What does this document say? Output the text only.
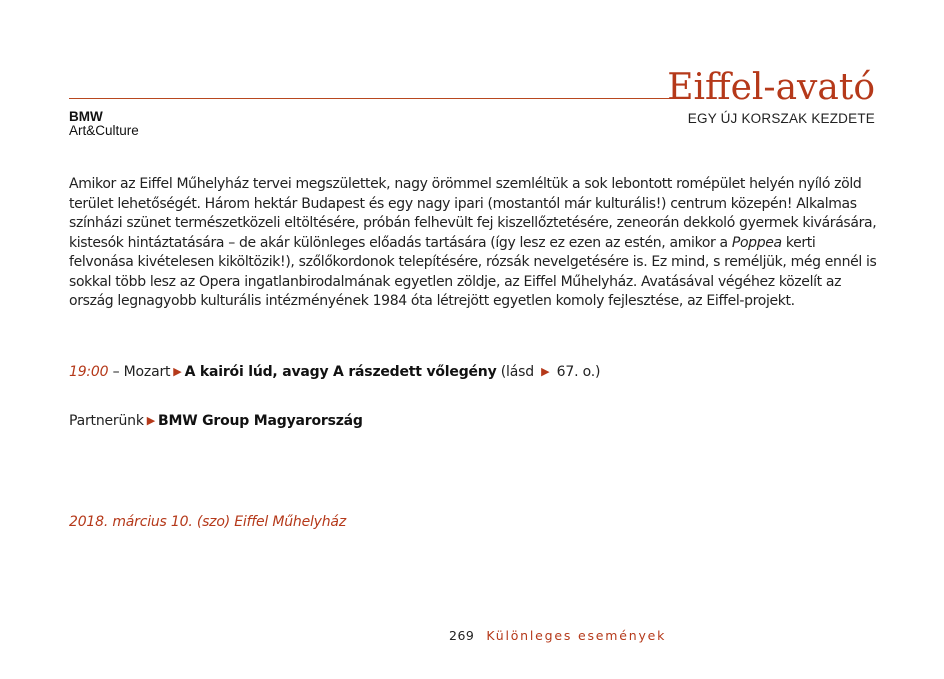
Eiffel-avató
EGY ÚJ KORSZAK KEZDETE
BMW
Art&Culture

Amikor az Eiffel Műhelyház tervei megszülettek, nagy örömmel szemléltük a sok lebontott romépület helyén nyíló zöld terület lehetőségét. Három hektár Budapest és egy nagy ipari (mostantól már kulturális!) centrum közepén! Alkalmas színházi szünet természetközeli eltöltésére, próbán felhevült fej kiszellőztetésére, zeneorán dekkoló gyermek kivárására, kistesók hintáztatására – de akár különleges előadás tartására (így lesz ez ezen az estén, amikor a Poppea kerti felvonása kivételesen kiköltözik!), szőlőkordonok telepítésére, rózsák nevelgetésére is. Ez mind, s reméljük, még ennél is sokkal több lesz az Opera ingatlanbirodalmának egyetlen zöldje, az Eiffel Műhelyház. Avatásával végéhez közelít az ország legnagyobb kulturális intézményének 1984 óta létrejött egyetlen komoly fejlesztése, az Eiffel-projekt.

19:00 – Mozart ▶ A kairói lúd, avagy A rászedett vőlegény (lásd ▶ 67. o.)
Partnerünk ▶ BMW Group Magyarország
2018. március 10. (szo) Eiffel Műhelyház
269 Különleges események
